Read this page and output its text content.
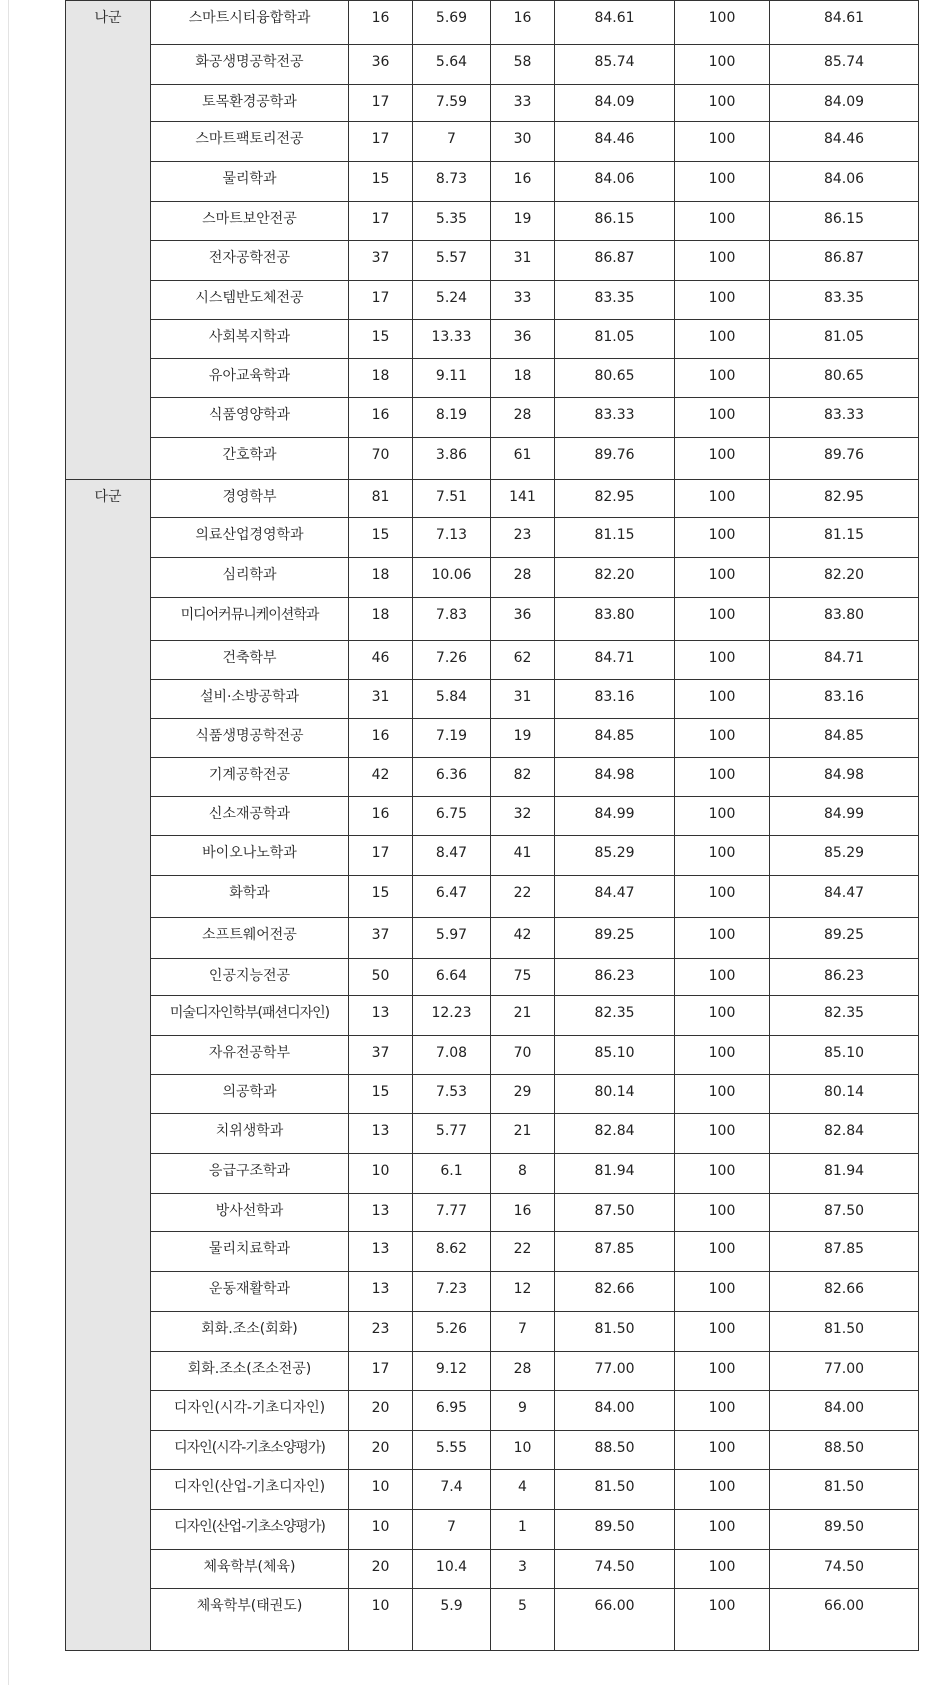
나군	스마트시티융합학과	16	5.69	16	84.61	100	84.61
	화공생명공학전공	36	5.64	58	85.74	100	85.74
	토목환경공학과	17	7.59	33	84.09	100	84.09
	스마트팩토리전공	17	7	30	84.46	100	84.46
	물리학과	15	8.73	16	84.06	100	84.06
	스마트보안전공	17	5.35	19	86.15	100	86.15
	전자공학전공	37	5.57	31	86.87	100	86.87
	시스템반도체전공	17	5.24	33	83.35	100	83.35
	사회복지학과	15	13.33	36	81.05	100	81.05
	유아교육학과	18	9.11	18	80.65	100	80.65
	식품영양학과	16	8.19	28	83.33	100	83.33
	간호학과	70	3.86	61	89.76	100	89.76
다군	경영학부	81	7.51	141	82.95	100	82.95
	의료산업경영학과	15	7.13	23	81.15	100	81.15
	심리학과	18	10.06	28	82.20	100	82.20
	미디어커뮤니케이션학과	18	7.83	36	83.80	100	83.80
	건축학부	46	7.26	62	84.71	100	84.71
	설비·소방공학과	31	5.84	31	83.16	100	83.16
	식품생명공학전공	16	7.19	19	84.85	100	84.85
	기계공학전공	42	6.36	82	84.98	100	84.98
	신소재공학과	16	6.75	32	84.99	100	84.99
	바이오나노학과	17	8.47	41	85.29	100	85.29
	화학과	15	6.47	22	84.47	100	84.47
	소프트웨어전공	37	5.97	42	89.25	100	89.25
	인공지능전공	50	6.64	75	86.23	100	86.23
	미술디자인학부(패션디자인)	13	12.23	21	82.35	100	82.35
	자유전공학부	37	7.08	70	85.10	100	85.10
	의공학과	15	7.53	29	80.14	100	80.14
	치위생학과	13	5.77	21	82.84	100	82.84
	응급구조학과	10	6.1	8	81.94	100	81.94
	방사선학과	13	7.77	16	87.50	100	87.50
	물리치료학과	13	8.62	22	87.85	100	87.85
	운동재활학과	13	7.23	12	82.66	100	82.66
	회화.조소(회화)	23	5.26	7	81.50	100	81.50
	회화.조소(조소전공)	17	9.12	28	77.00	100	77.00
	디자인(시각-기초디자인)	20	6.95	9	84.00	100	84.00
	디자인(시각-기초소양평가)	20	5.55	10	88.50	100	88.50
	디자인(산업-기초디자인)	10	7.4	4	81.50	100	81.50
	디자인(산업-기초소양평가)	10	7	1	89.50	100	89.50
	체육학부(체육)	20	10.4	3	74.50	100	74.50
	체육학부(태권도)	10	5.9	5	66.00	100	66.00
